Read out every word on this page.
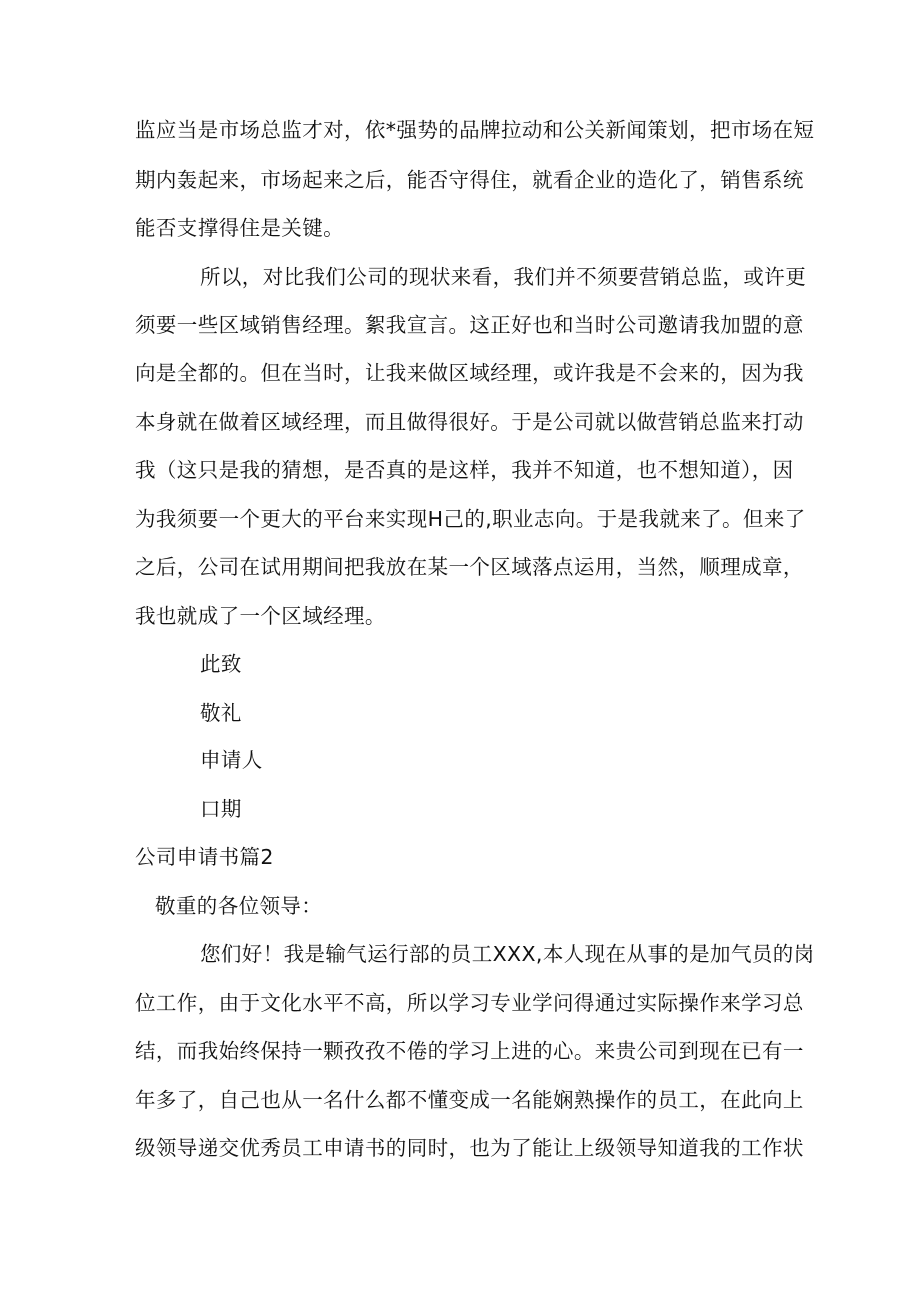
监应当是市场总监才对，依*强势的品牌拉动和公关新闻策划，把市场在短
期内轰起来，市场起来之后，能否守得住，就看企业的造化了，销售系统
能否支撑得住是关键。
所以，对比我们公司的现状来看，我们并不须要营销总监，或许更
须要一些区域销售经理。絮我宣言。这正好也和当时公司邀请我加盟的意
向是全都的。但在当时，让我来做区域经理，或许我是不会来的，因为我
本身就在做着区域经理，而且做得很好。于是公司就以做营销总监来打动
我（这只是我的猜想，是否真的是这样，我并不知道，也不想知道），因
为我须要一个更大的平台来实现H己的,职业志向。于是我就来了。但来了
之后，公司在试用期间把我放在某一个区域落点运用，当然，顺理成章，
我也就成了一个区域经理。
此致
敬礼
申请人
口期
公司申请书篇2
敬重的各位领导：
您们好！我是输气运行部的员工XXX,本人现在从事的是加气员的岗
位工作，由于文化水平不高，所以学习专业学问得通过实际操作来学习总
结，而我始终保持一颗孜孜不倦的学习上进的心。来贵公司到现在已有一
年多了，自己也从一名什么都不懂变成一名能娴熟操作的员工，在此向上
级领导递交优秀员工申请书的同时，也为了能让上级领导知道我的工作状
